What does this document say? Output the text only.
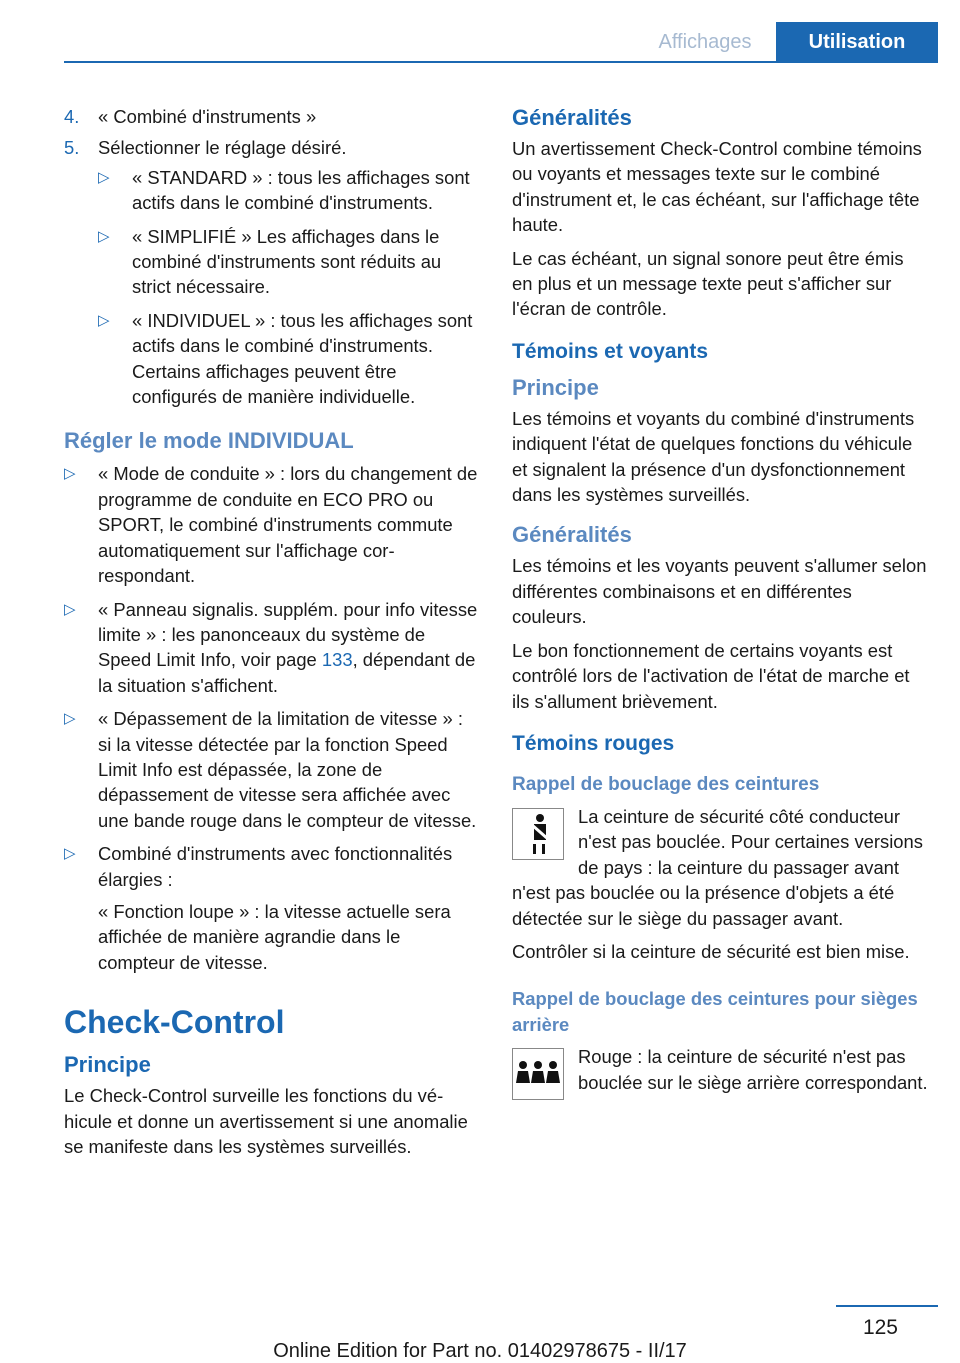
Affichages	Utilisation
4.	« Combiné d'instruments »
5.	Sélectionner le réglage désiré.
▷	« STANDARD » : tous les affichages sont actifs dans le combiné d'instruments.
▷	« SIMPLIFIÉ » Les affichages dans le combiné d'instruments sont réduits au strict nécessaire.
▷	« INDIVIDUEL » : tous les affichages sont actifs dans le combiné d'instruments. Certains affichages peuvent être configurés de manière individuelle.
Régler le mode INDIVIDUAL
▷	« Mode de conduite » : lors du changement de programme de conduite en ECO PRO ou SPORT, le combiné d'instruments commute automatiquement sur l'affichage correspondant.
▷	« Panneau signalis. supplém. pour info vitesse limite » : les panonceaux du système de Speed Limit Info, voir page 133, dépendant de la situation s'affichent.
▷	« Dépassement de la limitation de vitesse » : si la vitesse détectée par la fonction Speed Limit Info est dépassée, la zone de dépassement de vitesse sera affichée avec une bande rouge dans le compteur de vitesse.
▷	Combiné d'instruments avec fonctionnalités élargies :

« Fonction loupe » : la vitesse actuelle sera affichée de manière agrandie dans le compteur de vitesse.

Check-Control
Principe

Le Check-Control surveille les fonctions du véhicule et donne un avertissement si une anomalie se manifeste dans les systèmes surveillés.

Généralités

Un avertissement Check-Control combine témoins ou voyants et messages texte sur le combiné d'instrument et, le cas échéant, sur l'affichage tête haute.

Le cas échéant, un signal sonore peut être émis en plus et un message texte peut s'afficher sur l'écran de contrôle.

Témoins et voyants
Principe

Les témoins et voyants du combiné d'instruments indiquent l'état de quelques fonctions du véhicule et signalent la présence d'un dysfonctionnement dans les systèmes surveillés.

Généralités

Les témoins et les voyants peuvent s'allumer selon différentes combinaisons et en différentes couleurs.

Le bon fonctionnement de certains voyants est contrôlé lors de l'activation de l'état de marche et ils s'allument brièvement.

Témoins rouges
Rappel de bouclage des ceintures

La ceinture de sécurité côté conducteur n'est pas bouclée. Pour certaines versions de pays : la ceinture du passager avant n'est pas bouclée ou la présence d'objets a été détectée sur le siège du passager avant.

Contrôler si la ceinture de sécurité est bien mise.

Rappel de bouclage des ceintures pour sièges arrière

Rouge : la ceinture de sécurité n'est pas bouclée sur le siège arrière correspondant.

125
Online Edition for Part no. 01402978675 - II/17
